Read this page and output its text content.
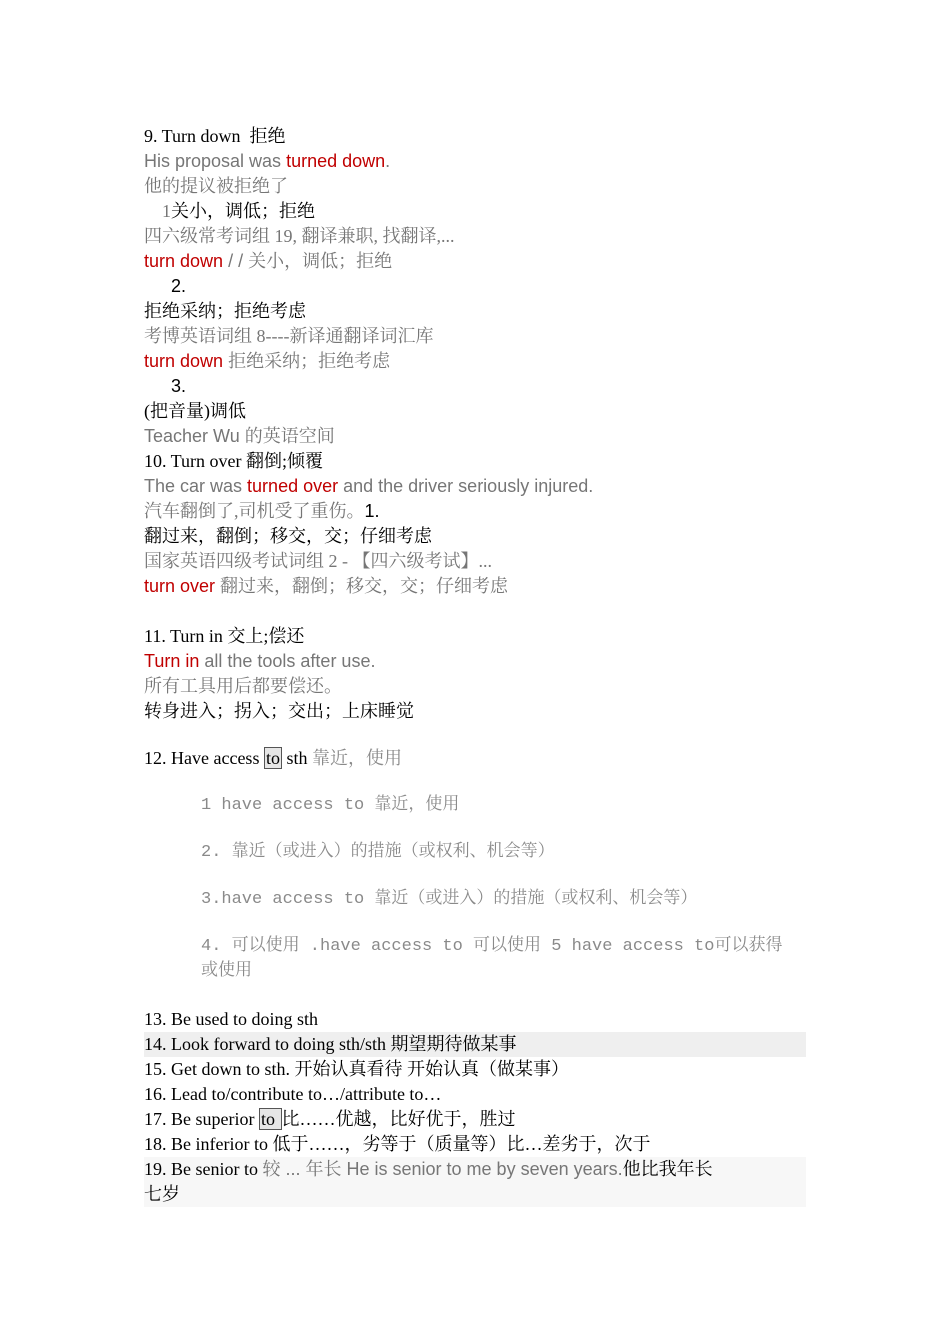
9. Turn down 拒绝
His proposal was turned down.
他的提议被拒绝了
1关小，调低；拒绝
四六级常考词组 19, 翻译兼职, 找翻译,...
turn down / / 关小，调低；拒绝
2.
拒绝采纳；拒绝考虑
考博英语词组 8----新译通翻译词汇库
turn down 拒绝采纳；拒绝考虑
3.
(把音量)调低
Teacher Wu 的英语空间
10. Turn over 翻倒;倾覆
The car was turned over and the driver seriously injured.
汽车翻倒了,司机受了重伤。1.
翻过来，翻倒；移交，交；仔细考虑
国家英语四级考试词组 2 - 【四六级考试】...
turn over 翻过来，翻倒；移交，交；仔细考虑
11. Turn in 交上;偿还
Turn in all the tools after use.
所有工具用后都要偿还。
转身进入；拐入；交出；上床睡觉
12. Have access to sth 靠近，使用
1 have access to 靠近，使用
2. 靠近（或进入）的措施（或权利、机会等）
3.have access to 靠近（或进入）的措施（或权利、机会等）
4. 可以使用 .have access to 可以使用 5 have access to可以获得
或使用
13. Be used to doing sth
14. Look forward to doing sth/sth 期望期待做某事
15. Get down to sth. 开始认真看待 开始认真（做某事）
16. Lead to/contribute to…/attribute to…
17. Be superior to 比……优越，比好优于，胜过
18. Be inferior to 低于……，劣等于（质量等）比…差劣于，次于
19. Be senior to 较 ... 年长 He is senior to me by seven years.他比我年长
七岁
